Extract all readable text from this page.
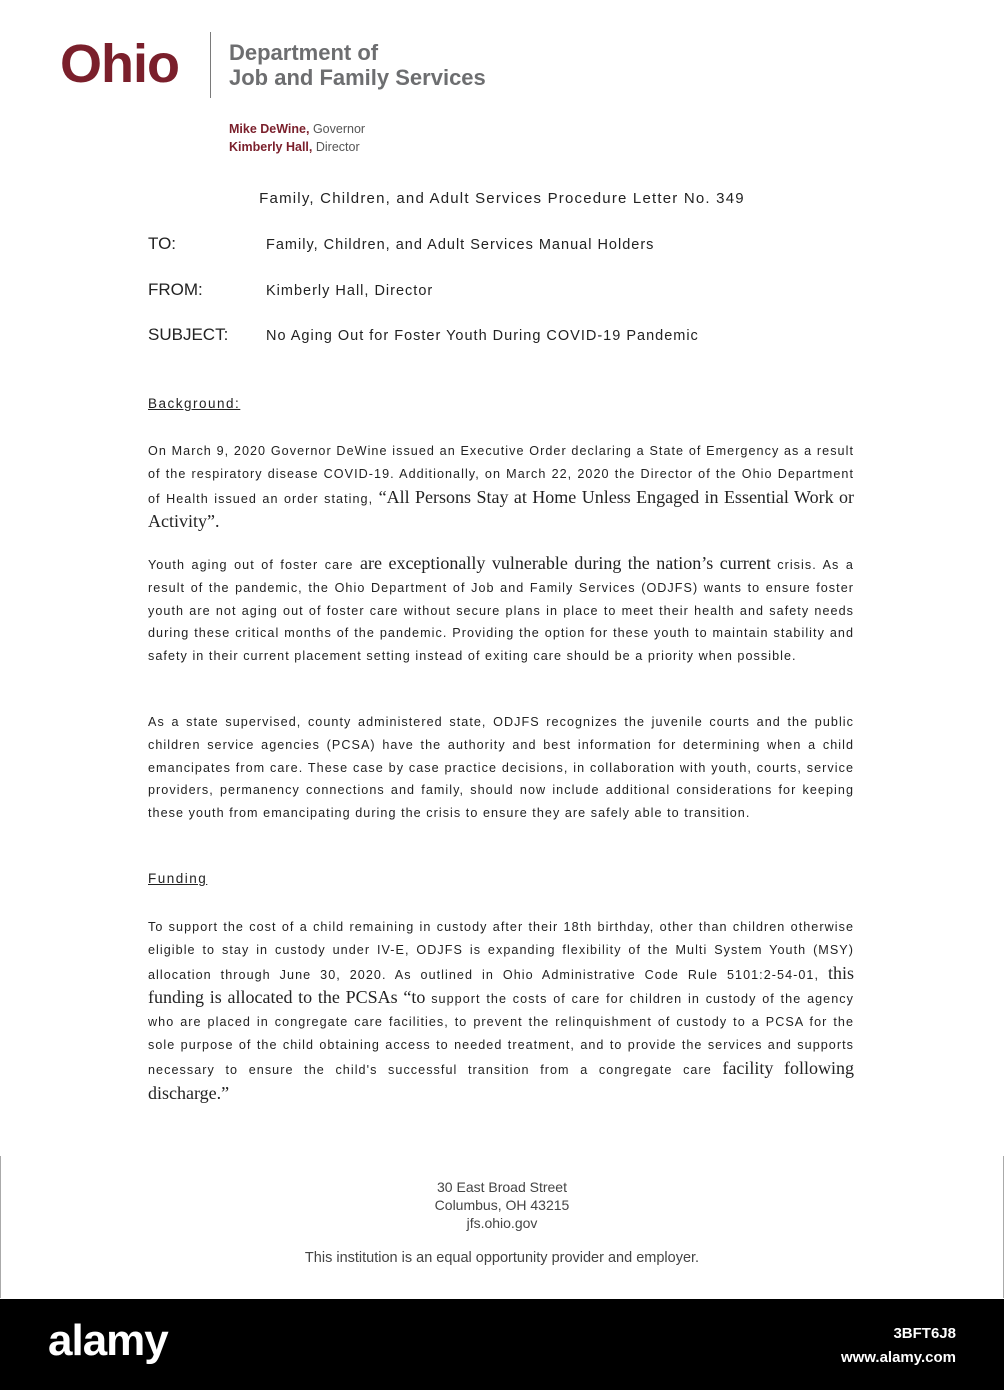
Ohio Department of
Job and Family Services
Mike DeWine, Governor
Kimberly Hall, Director
Family, Children, and Adult Services Procedure Letter No. 349
TO:	Family, Children, and Adult Services Manual Holders
FROM:	Kimberly Hall, Director
SUBJECT:	No Aging Out for Foster Youth During COVID-19 Pandemic
Background:
On March 9, 2020 Governor DeWine issued an Executive Order declaring a State of Emergency as a result of the respiratory disease COVID-19. Additionally, on March 22, 2020 the Director of the Ohio Department of Health issued an order stating, “All Persons Stay at Home Unless Engaged in Essential Work or Activity”.
Youth aging out of foster care are exceptionally vulnerable during the nation’s current crisis. As a result of the pandemic, the Ohio Department of Job and Family Services (ODJFS) wants to ensure foster youth are not aging out of foster care without secure plans in place to meet their health and safety needs during these critical months of the pandemic. Providing the option for these youth to maintain stability and safety in their current placement setting instead of exiting care should be a priority when possible.
As a state supervised, county administered state, ODJFS recognizes the juvenile courts and the public children service agencies (PCSA) have the authority and best information for determining when a child emancipates from care. These case by case practice decisions, in collaboration with youth, courts, service providers, permanency connections and family, should now include additional considerations for keeping these youth from emancipating during the crisis to ensure they are safely able to transition.
Funding
To support the cost of a child remaining in custody after their 18th birthday, other than children otherwise eligible to stay in custody under IV-E, ODJFS is expanding flexibility of the Multi System Youth (MSY) allocation through June 30, 2020. As outlined in Ohio Administrative Code Rule 5101:2-54-01, this funding is allocated to the PCSAs “to support the costs of care for children in custody of the agency who are placed in congregate care facilities, to prevent the relinquishment of custody to a PCSA for the sole purpose of the child obtaining access to needed treatment, and to provide the services and supports necessary to ensure the child's successful transition from a congregate care facility following discharge.”
30 East Broad Street
Columbus, OH 43215
jfs.ohio.gov
This institution is an equal opportunity provider and employer.
alamy	3BFT6J8
www.alamy.com
